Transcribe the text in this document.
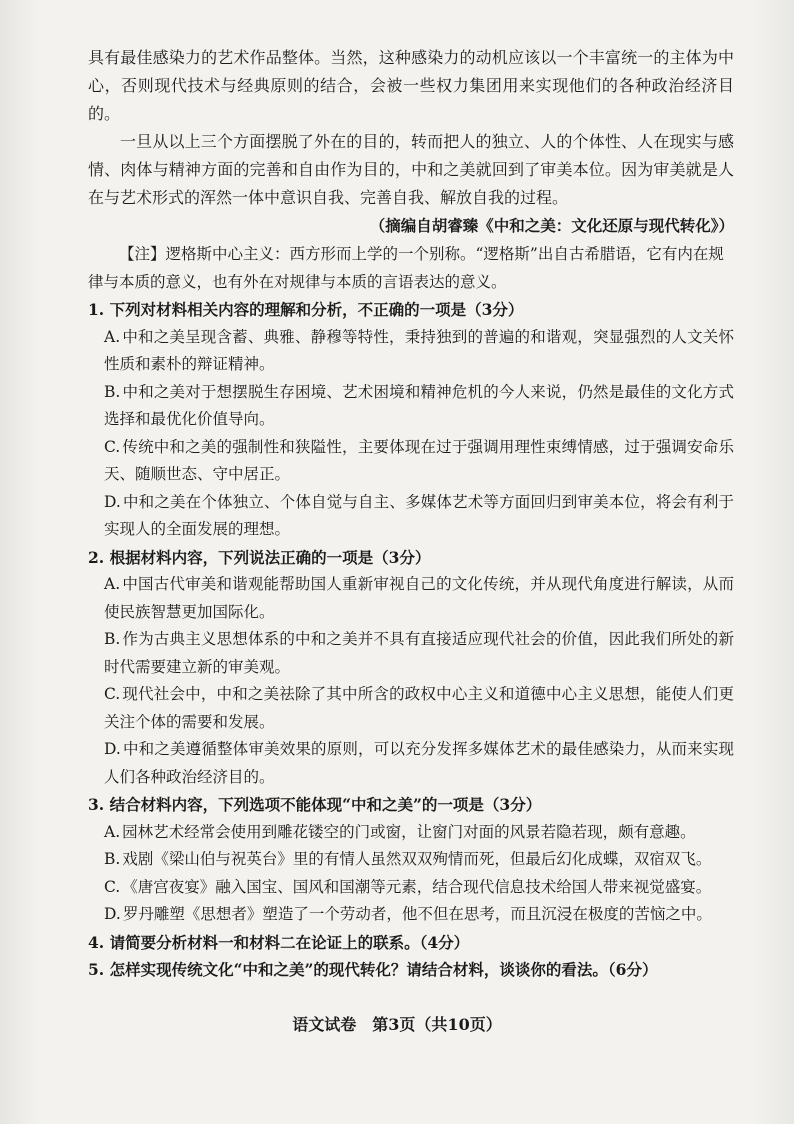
具有最佳感染力的艺术作品整体。当然，这种感染力的动机应该以一个丰富统一的主体为中心，否则现代技术与经典原则的结合，会被一些权力集团用来实现他们的各种政治经济目的。

一旦从以上三个方面摆脱了外在的目的，转而把人的独立、人的个体性、人在现实与感情、肉体与精神方面的完善和自由作为目的，中和之美就回到了审美本位。因为审美就是人在与艺术形式的浑然一体中意识自我、完善自我、解放自我的过程。

（摘编自胡睿臻《中和之美：文化还原与现代转化》）

【注】逻格斯中心主义：西方形而上学的一个别称。“逻格斯”出自古希腊语，它有内在规律与本质的意义，也有外在对规律与本质的言语表达的意义。

1. 下列对材料相关内容的理解和分析，不正确的一项是（3分）

A. 中和之美呈现含蓄、典雅、静穆等特性，秉持独到的普遍的和谐观，突显强烈的人文关怀性质和素朴的辩证精神。

B. 中和之美对于想摆脱生存困境、艺术困境和精神危机的今人来说，仍然是最佳的文化方式选择和最优化价值导向。

C. 传统中和之美的强制性和狭隘性，主要体现在过于强调用理性束缚情感，过于强调安命乐天、随顺世态、守中居正。

D. 中和之美在个体独立、个体自觉与自主、多媒体艺术等方面回归到审美本位，将会有利于实现人的全面发展的理想。

2. 根据材料内容，下列说法正确的一项是（3分）

A. 中国古代审美和谐观能帮助国人重新审视自己的文化传统，并从现代角度进行解读，从而使民族智慧更加国际化。

B. 作为古典主义思想体系的中和之美并不具有直接适应现代社会的价值，因此我们所处的新时代需要建立新的审美观。

C. 现代社会中，中和之美祛除了其中所含的政权中心主义和道德中心主义思想，能使人们更关注个体的需要和发展。

D. 中和之美遵循整体审美效果的原则，可以充分发挥多媒体艺术的最佳感染力，从而来实现人们各种政治经济目的。

3. 结合材料内容，下列选项不能体现“中和之美”的一项是（3分）

A. 园林艺术经常会使用到雕花镂空的门或窗，让窗门对面的风景若隐若现，颇有意趣。

B. 戏剧《梁山伯与祝英台》里的有情人虽然双双殉情而死，但最后幻化成蝶，双宿双飞。

C. 《唐宫夜宴》融入国宝、国风和国潮等元素，结合现代信息技术给国人带来视觉盛宴。

D. 罗丹雕塑《思想者》塑造了一个劳动者，他不但在思考，而且沉浸在极度的苦恼之中。

4. 请简要分析材料一和材料二在论证上的联系。（4分）

5. 怎样实现传统文化“中和之美”的现代转化？请结合材料，谈谈你的看法。（6分）

语文试卷　第3页（共10页）
